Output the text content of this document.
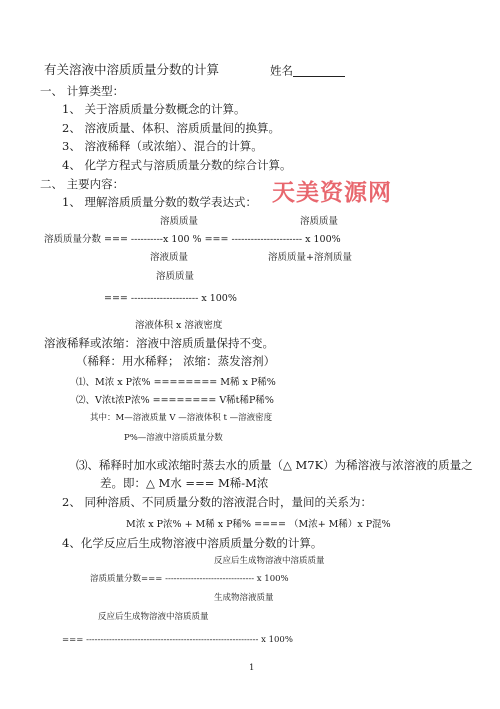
有关溶液中溶质质量分数的计算	姓名
一、 计算类型：
1、 关于溶质质量分数概念的计算。
2、 溶液质量、体积、溶质质量间的换算。
3、 溶液稀释（或浓缩）、混合的计算。
4、 化学方程式与溶质质量分数的综合计算。
天美资源网
二、 主要内容：
1、 理解溶质质量分数的数学表达式：
溶质质量	溶质质量
溶质质量分数 === ----------x 100 % === ---------------------- x 100%
溶液质量	溶质质量+溶剂质量
溶质质量
=== --------------------- x 100%
溶液体积 x 溶液密度
溶液稀释或浓缩：溶液中溶质质量保持不变。
（稀释：用水稀释； 浓缩：蒸发溶剂）
⑴、M浓 x P浓% ======== M稀 x P稀%
⑵、V浓t浓P浓% ======== V稀t稀P稀%
其中：M—溶液质量 V —溶液体积 t —溶液密度
P%—溶液中溶质质量分数
⑶、稀释时加水或浓缩时蒸去水的质量（△ M7K）为稀溶液与浓溶液的质量之
差。即：△ M水 === M稀-M浓
2、 同种溶质、不同质量分数的溶液混合时，量间的关系为：
M浓 x P浓% + M稀 x P稀% ==== （M浓+ M稀）x P混%
4、化学反应后生成物溶液中溶质质量分数的计算。
反应后生成物溶液中溶质质量
溶质质量分数=== ------------------------------- x 100%
生成物溶液质量
反应后生成物溶液中溶质质量
=== ------------------------------------------------------------ x 100%
1
